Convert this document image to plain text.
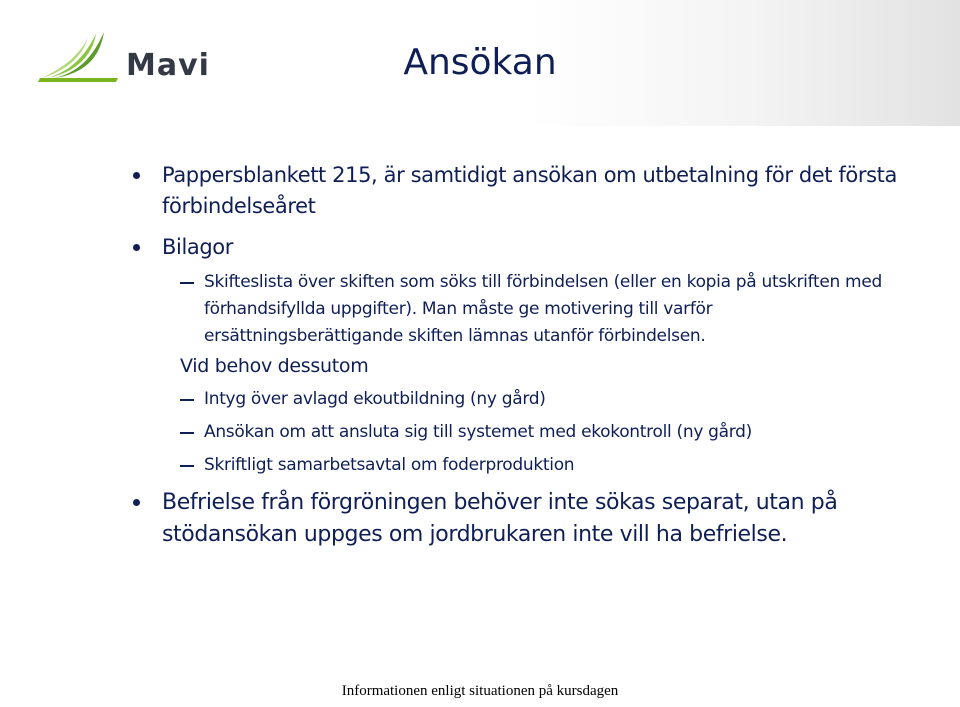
Mavi	Ansökan
Pappersblankett 215, är samtidigt ansökan om utbetalning för det första förbindelseåret
Bilagor
Skifteslista över skiften som söks till förbindelsen (eller en kopia på utskriften med förhandsifyllda uppgifter). Man måste ge motivering till varför ersättningsberättigande skiften lämnas utanför förbindelsen.
Vid behov dessutom
Intyg över avlagd ekoutbildning (ny gård)
Ansökan om att ansluta sig till systemet med ekokontroll (ny gård)
Skriftligt samarbetsavtal om foderproduktion
Befrielse från förgröningen behöver inte sökas separat, utan på stödansökan uppges om jordbrukaren inte vill ha befrielse.
Informationen enligt situationen på kursdagen
